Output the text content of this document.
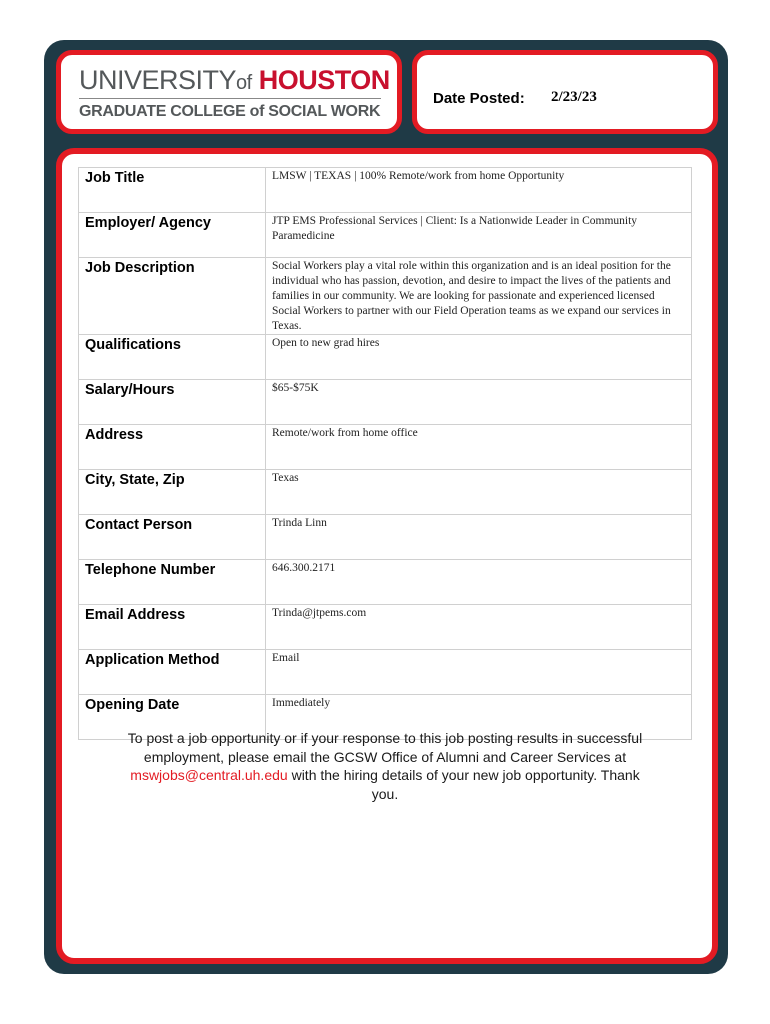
UNIVERSITYof HOUSTON
GRADUATE COLLEGE of SOCIAL WORK
Date Posted: 2/23/23
Job Title	LMSW | TEXAS | 100% Remote/work from home Opportunity
Employer/ Agency	JTP EMS Professional Services | Client: Is a Nationwide Leader in Community Paramedicine
Job Description	Social Workers play a vital role within this organization and is an ideal position for the individual who has passion, devotion, and desire to impact the lives of the patients and families in our community. We are looking for passionate and experienced licensed Social Workers to partner with our Field Operation teams as we expand our services in Texas.
Qualifications	Open to new grad hires
Salary/Hours	$65-$75K
Address	Remote/work from home office
City, State, Zip	Texas
Contact Person	Trinda Linn
Telephone Number	646.300.2171
Email Address	Trinda@jtpems.com
Application Method	Email
Opening Date	Immediately
To post a job opportunity or if your response to this job posting results in successful employment, please email the GCSW Office of Alumni and Career Services at mswjobs@central.uh.edu with the hiring details of your new job opportunity. Thank you.
